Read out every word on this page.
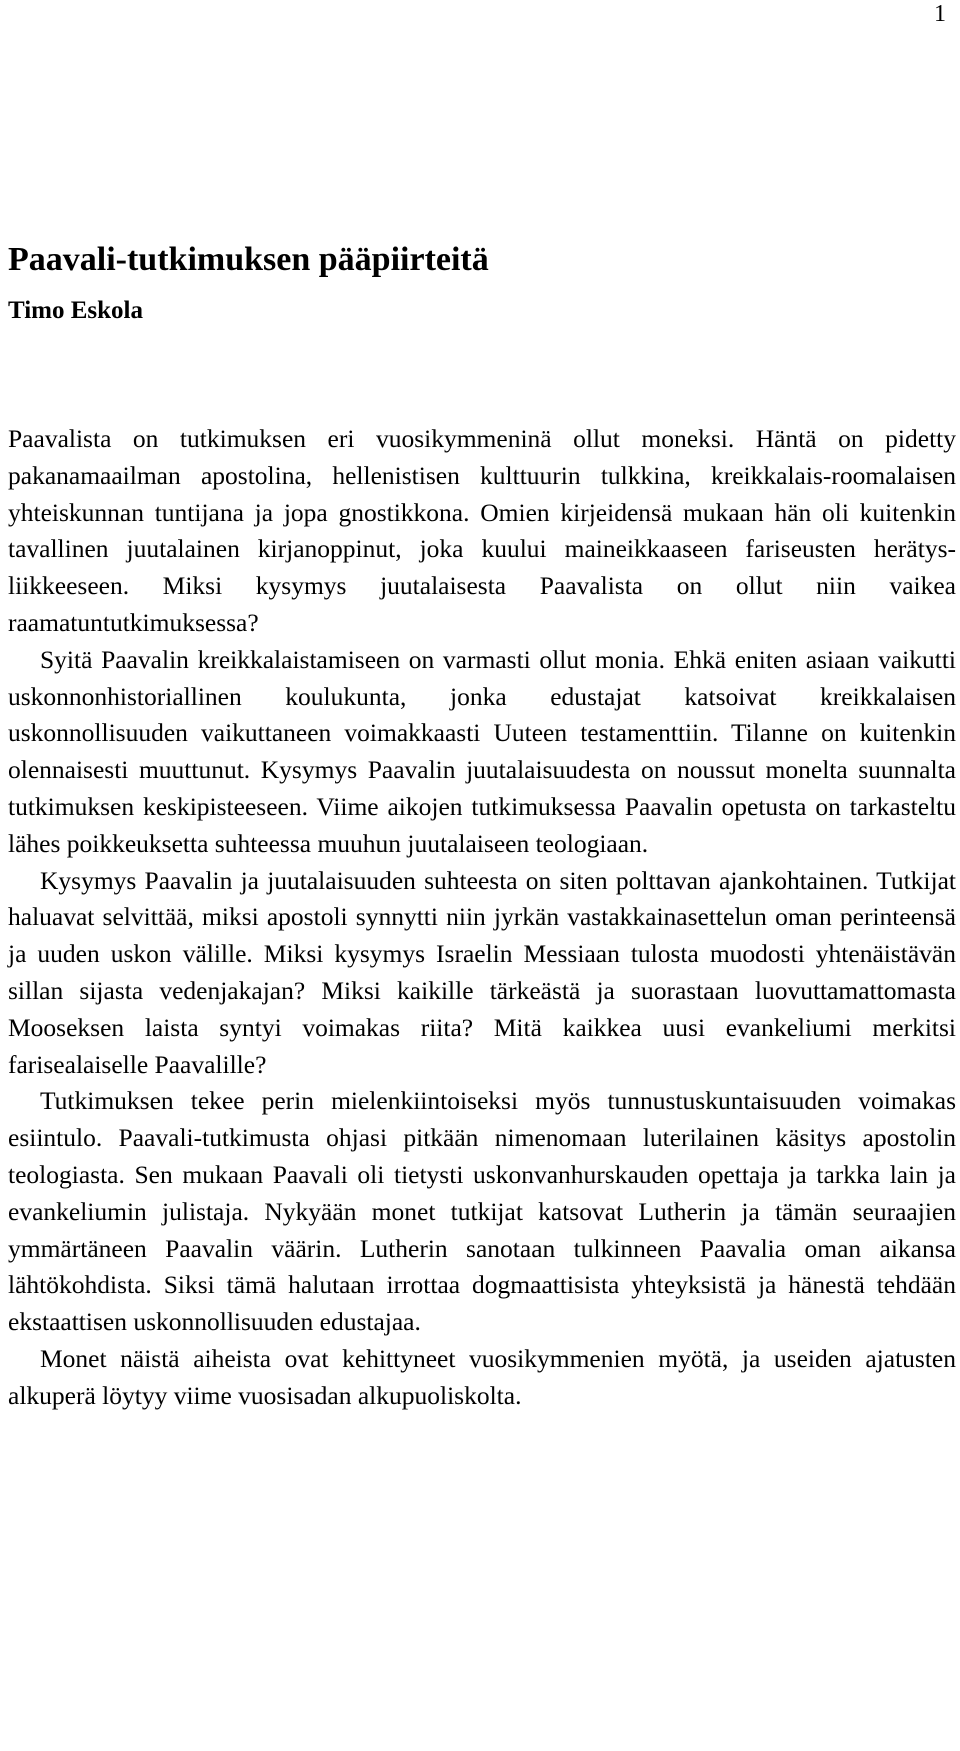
1
Paavali-tutkimuksen pääpiirteitä
Timo Eskola

Paavalista on tutkimuksen eri vuosikymmeninä ollut moneksi. Häntä on pidetty pakanamaailman apostolina, hellenistisen kulttuurin tulkkina, kreikkalais-roomalaisen yhteiskunnan tuntijana ja jopa gnostikkona. Omien kirjeidensä mukaan hän oli kuitenkin tavallinen juutalainen kirjanoppinut, joka kuului maineikkaaseen fariseusten herätysliikkeeseen. Miksi kysymys juutalaisesta Paavalista on ollut niin vaikea raamatuntutkimuksessa?

Syitä Paavalin kreikkalaistamiseen on varmasti ollut monia. Ehkä eniten asiaan vaikutti uskonnonhistoriallinen koulukunta, jonka edustajat katsoivat kreikkalaisen uskonnollisuuden vaikuttaneen voimakkaasti Uuteen testamenttiin. Tilanne on kuitenkin olennaisesti muuttunut. Kysymys Paavalin juutalaisuudesta on noussut monelta suunnalta tutkimuksen keskipisteeseen. Viime aikojen tutkimuksessa Paavalin opetusta on tarkasteltu lähes poikkeuksetta suhteessa muuhun juutalaiseen teologiaan.

Kysymys Paavalin ja juutalaisuuden suhteesta on siten polttavan ajankohtainen. Tutkijat haluavat selvittää, miksi apostoli synnytti niin jyrkän vastakkainasettelun oman perinteensä ja uuden uskon välille. Miksi kysymys Israelin Messiaan tulosta muodosti yhtenäistävän sillan sijasta vedenjakajan? Miksi kaikille tärkeästä ja suorastaan luovuttamattomasta Mooseksen laista syntyi voimakas riita? Mitä kaikkea uusi evankeliumi merkitsi farisealaiselle Paavalille?

Tutkimuksen tekee perin mielenkiintoiseksi myös tunnustuskuntaisuuden voimakas esiintulo. Paavali-tutkimusta ohjasi pitkään nimenomaan luterilainen käsitys apostolin teologiasta. Sen mukaan Paavali oli tietysti uskonvanhurskauden opettaja ja tarkka lain ja evankeliumin julistaja. Nykyään monet tutkijat katsovat Lutherin ja tämän seuraajien ymmärtäneen Paavalin väärin. Lutherin sanotaan tulkinneen Paavalia oman aikansa lähtökohdista. Siksi tämä halutaan irrottaa dogmaattisista yhteyksistä ja hänestä tehdään ekstaattisen uskonnollisuuden edustajaa.

Monet näistä aiheista ovat kehittyneet vuosikymmenien myötä, ja useiden ajatusten alkuperä löytyy viime vuosisadan alkupuoliskolta.
